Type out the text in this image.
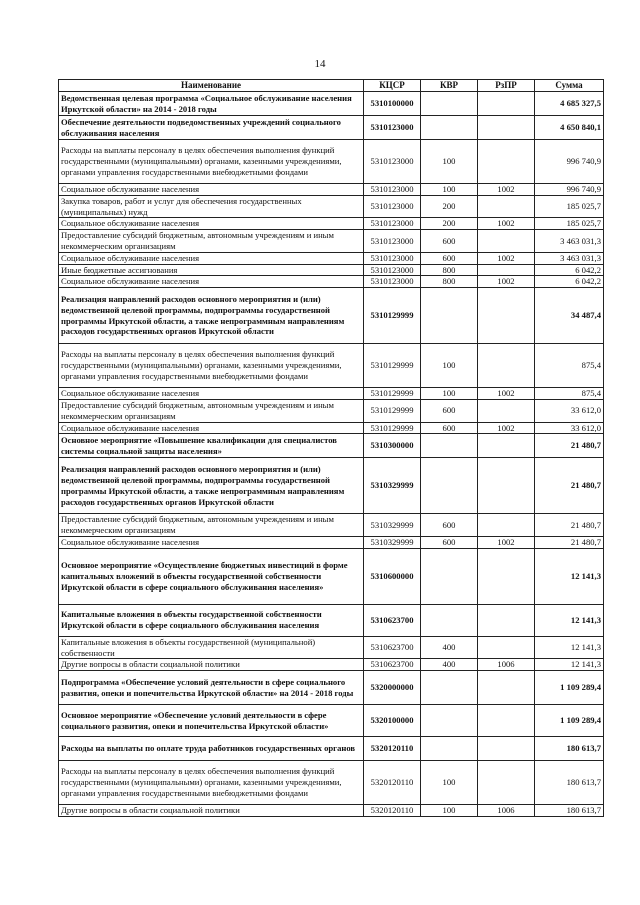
14
Наименование	КЦСР	КВР	РзПР	Сумма
Ведомственная целевая программа «Социальное обслуживание населения Иркутской области» на 2014 - 2018 годы	5310100000			4 685 327,5
Обеспечение деятельности подведомственных учреждений социального обслуживания населения	5310123000			4 650 840,1
Расходы на выплаты персоналу в целях обеспечения выполнения функций государственными (муниципальными) органами, казенными учреждениями, органами управления государственными внебюджетными фондами	5310123000	100		996 740,9
Социальное обслуживание населения	5310123000	100	1002	996 740,9
Закупка товаров, работ и услуг для обеспечения государственных (муниципальных) нужд	5310123000	200		185 025,7
Социальное обслуживание населения	5310123000	200	1002	185 025,7
Предоставление субсидий бюджетным, автономным учреждениям и иным некоммерческим организациям	5310123000	600		3 463 031,3
Социальное обслуживание населения	5310123000	600	1002	3 463 031,3
Иные бюджетные ассигнования	5310123000	800		6 042,2
Социальное обслуживание населения	5310123000	800	1002	6 042,2
Реализация направлений расходов основного мероприятия и (или) ведомственной целевой программы, подпрограммы государственной программы Иркутской области, а также непрограммным направлениям расходов государственных органов Иркутской области	5310129999			34 487,4
Расходы на выплаты персоналу в целях обеспечения выполнения функций государственными (муниципальными) органами, казенными учреждениями, органами управления государственными внебюджетными фондами	5310129999	100		875,4
Социальное обслуживание населения	5310129999	100	1002	875,4
Предоставление субсидий бюджетным, автономным учреждениям и иным некоммерческим организациям	5310129999	600		33 612,0
Социальное обслуживание населения	5310129999	600	1002	33 612,0
Основное мероприятие «Повышение квалификации для специалистов системы социальной защиты населения»	5310300000			21 480,7
Реализация направлений расходов основного мероприятия и (или) ведомственной целевой программы, подпрограммы государственной программы Иркутской области, а также непрограммным направлениям расходов государственных органов Иркутской области	5310329999			21 480,7
Предоставление субсидий бюджетным, автономным учреждениям и иным некоммерческим организациям	5310329999	600		21 480,7
Социальное обслуживание населения	5310329999	600	1002	21 480,7
Основное мероприятие «Осуществление бюджетных инвестиций в форме капитальных вложений в объекты государственной собственности Иркутской области в сфере социального обслуживания населения»	5310600000			12 141,3
Капитальные вложения в объекты государственной собственности Иркутской области в сфере социального обслуживания населения	5310623700			12 141,3
Капитальные вложения в объекты государственной (муниципальной) собственности	5310623700	400		12 141,3
Другие вопросы в области социальной политики	5310623700	400	1006	12 141,3
Подпрограмма «Обеспечение условий деятельности в сфере социального развития, опеки и попечительства Иркутской области» на 2014 - 2018 годы	5320000000			1 109 289,4
Основное мероприятие «Обеспечение условий деятельности в сфере социального развития, опеки и попечительства Иркутской области»	5320100000			1 109 289,4
Расходы на выплаты по оплате труда работников государственных органов	5320120110			180 613,7
Расходы на выплаты персоналу в целях обеспечения выполнения функций государственными (муниципальными) органами, казенными учреждениями, органами управления государственными внебюджетными фондами	5320120110	100		180 613,7
Другие вопросы в области социальной политики	5320120110	100	1006	180 613,7
